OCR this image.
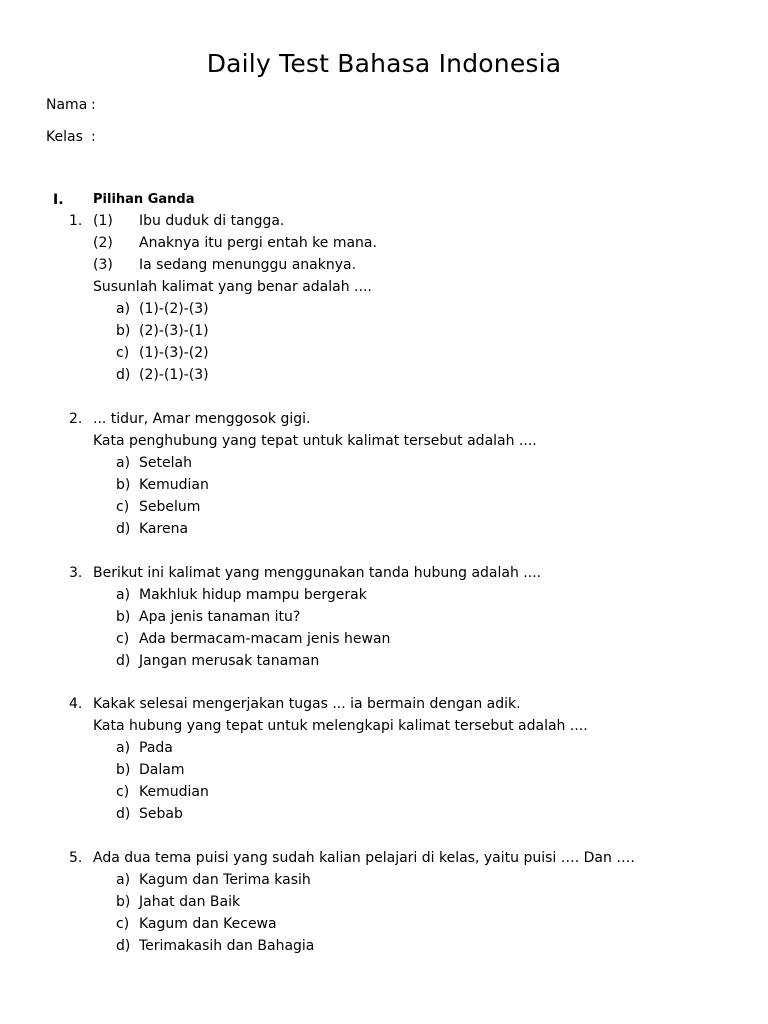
Daily Test Bahasa Indonesia
Nama :
Kelas :
I. Pilihan Ganda
1. (1) Ibu duduk di tangga.
(2) Anaknya itu pergi entah ke mana.
(3) Ia sedang menunggu anaknya.
Susunlah kalimat yang benar adalah ....
a) (1)-(2)-(3)
b) (2)-(3)-(1)
c) (1)-(3)-(2)
d) (2)-(1)-(3)
2. ... tidur, Amar menggosok gigi.
Kata penghubung yang tepat untuk kalimat tersebut adalah ....
a) Setelah
b) Kemudian
c) Sebelum
d) Karena
3. Berikut ini kalimat yang menggunakan tanda hubung adalah ....
a) Makhluk hidup mampu bergerak
b) Apa jenis tanaman itu?
c) Ada bermacam-macam jenis hewan
d) Jangan merusak tanaman
4. Kakak selesai mengerjakan tugas ... ia bermain dengan adik.
Kata hubung yang tepat untuk melengkapi kalimat tersebut adalah ....
a) Pada
b) Dalam
c) Kemudian
d) Sebab
5. Ada dua tema puisi yang sudah kalian pelajari di kelas, yaitu puisi …. Dan ….
a) Kagum dan Terima kasih
b) Jahat dan Baik
c) Kagum dan Kecewa
d) Terimakasih dan Bahagia
